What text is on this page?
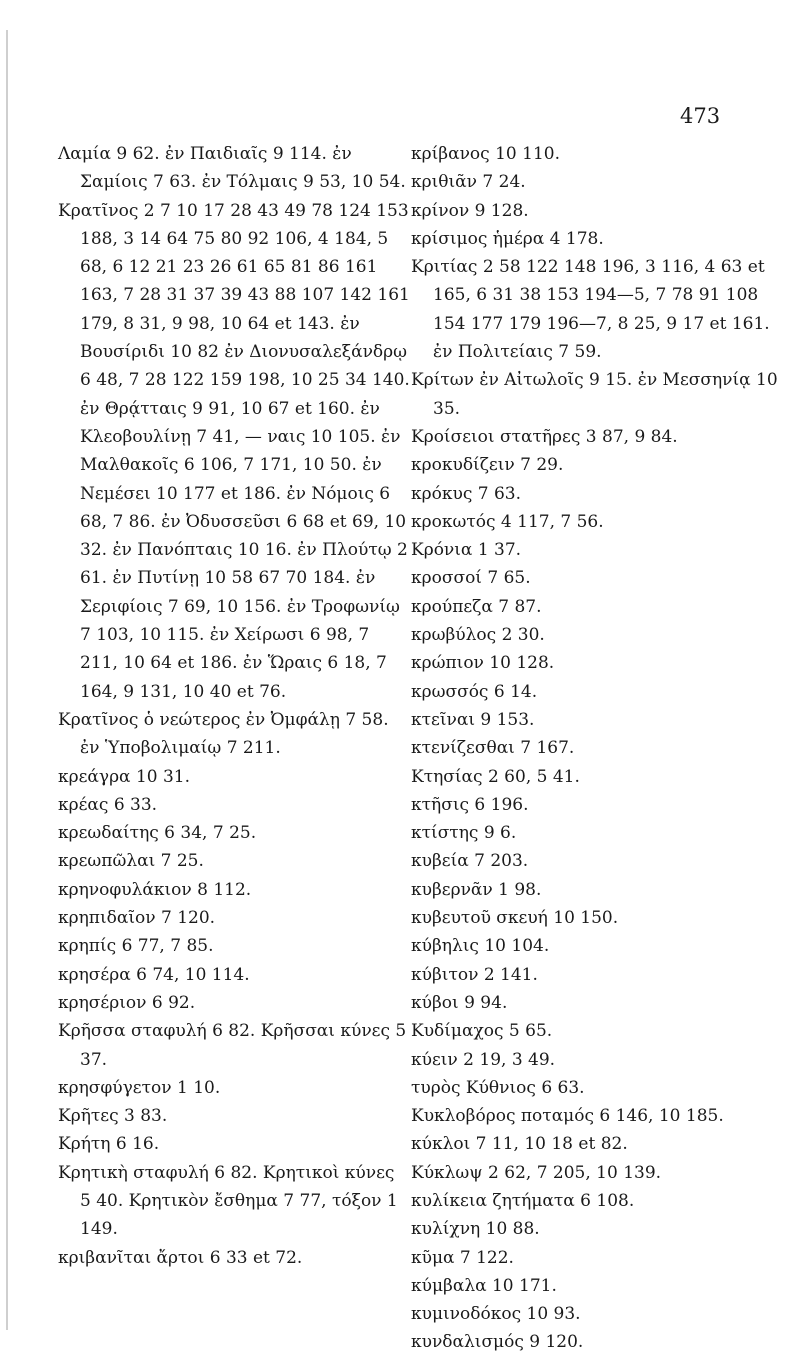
473

Λαμία 9 62. ἐν Παιδιαῖς 9 114. ἐν Σαμίοις 7 63. ἐν Τόλμαις 9 53, 10 54.

Κρατῖνος 2 7 10 17 28 43 49 78 124 153 188, 3 14 64 75 80 92 106, 4 184, 5 68, 6 12 21 23 26 61 65 81 86 161 163, 7 28 31 37 39 43 88 107 142 161 179, 8 31, 9 98, 10 64 et 143. ἐν Βουσίριδι 10 82 ἐν Διονυσαλεξάνδρῳ 6 48, 7 28 122 159 198, 10 25 34 140. ἐν Θρᾴτταις 9 91, 10 67 et 160. ἐν Κλεοβουλίνῃ 7 41, — ναις 10 105. ἐν Μαλθακοῖς 6 106, 7 171, 10 50. ἐν Νεμέσει 10 177 et 186. ἐν Νόμοις 6 68, 7 86. ἐν Ὀδυσσεῦσι 6 68 et 69, 10 32. ἐν Πανόπταις 10 16. ἐν Πλούτῳ 2 61. ἐν Πυτίνῃ 10 58 67 70 184. ἐν Σεριφίοις 7 69, 10 156. ἐν Τροφωνίῳ 7 103, 10 115. ἐν Χείρωσι 6 98, 7 211, 10 64 et 186. ἐν Ὥραις 6 18, 7 164, 9 131, 10 40 et 76.

Κρατῖνος ὁ νεώτερος ἐν Ὀμφάλῃ 7 58. ἐν Ὑποβολιμαίῳ 7 211.

κρεάγρα 10 31.

κρέας 6 33.

κρεωδαίτης 6 34, 7 25.

κρεωπῶλαι 7 25.

κρηνοφυλάκιον 8 112.

κρηπιδαῖον 7 120.

κρηπίς 6 77, 7 85.

κρησέρα 6 74, 10 114.

κρησέριον 6 92.

Κρῆσσα σταφυλή 6 82. Κρῆσσαι κύνες 5 37.

κρησφύγετον 1 10.

Κρῆτες 3 83.

Κρήτη 6 16.

Κρητικὴ σταφυλή 6 82. Κρητικοὶ κύνες 5 40. Κρητικὸν ἔσθημα 7 77, τόξον 1 149.

κριβανῖται ἄρτοι 6 33 et 72.

κρίβανος 10 110.

κριθιᾶν 7 24.

κρίνον 9 128.

κρίσιμος ἡμέρα 4 178.

Κριτίας 2 58 122 148 196, 3 116, 4 63 et 165, 6 31 38 153 194—5, 7 78 91 108 154 177 179 196—7, 8 25, 9 17 et 161. ἐν Πολιτείαις 7 59.

Κρίτων ἐν Αἰτωλοῖς 9 15. ἐν Μεσσηνίᾳ 10 35.

Κροίσειοι στατῆρες 3 87, 9 84.

κροκυδίζειν 7 29.

κρόκυς 7 63.

κροκωτός 4 117, 7 56.

Κρόνια 1 37.

κροσσοί 7 65.

κρούπεζα 7 87.

κρωβύλος 2 30.

κρώπιον 10 128.

κρωσσός 6 14.

κτεῖναι 9 153.

κτενίζεσθαι 7 167.

Κτησίας 2 60, 5 41.

κτῆσις 6 196.

κτίστης 9 6.

κυβεία 7 203.

κυβερνᾶν 1 98.

κυβευτοῦ σκευή 10 150.

κύβηλις 10 104.

κύβιτον 2 141.

κύβοι 9 94.

Κυδίμαχος 5 65.

κύειν 2 19, 3 49.

τυρὸς Κύθνιος 6 63.

Κυκλοβόρος ποταμός 6 146, 10 185.

κύκλοι 7 11, 10 18 et 82.

Κύκλωψ 2 62, 7 205, 10 139.

κυλίκεια ζητήματα 6 108.

κυλίχνη 10 88.

κῦμα 7 122.

κύμβαλα 10 171.

κυμινοδόκος 10 93.

κυνδαλισμός 9 120.
